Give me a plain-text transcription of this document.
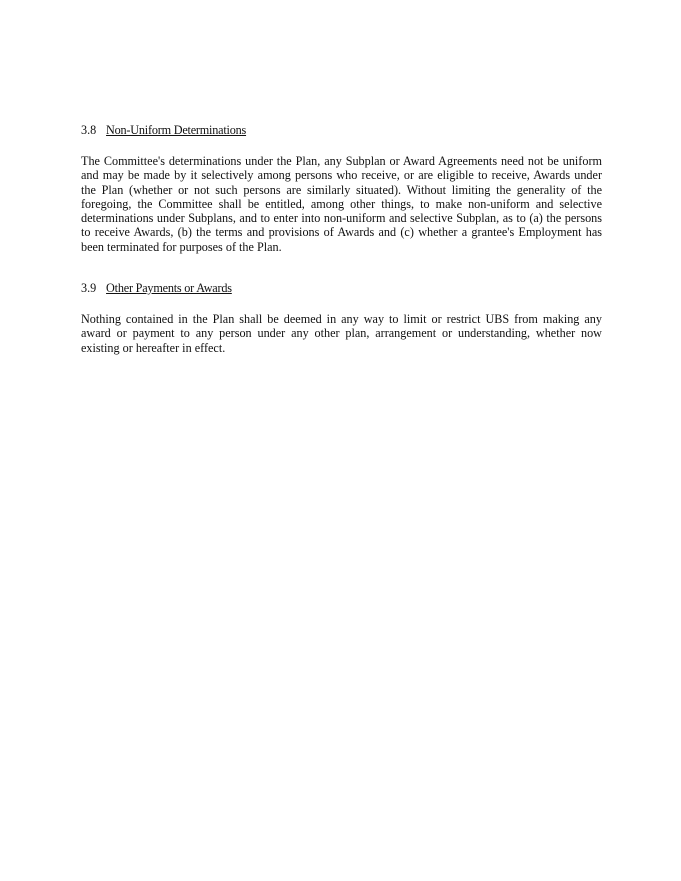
3.8 Non-Uniform Determinations
The Committee's determinations under the Plan, any Subplan or Award Agreements need not be uniform
and may be made by it selectively among persons who receive, or are eligible to receive, Awards under
the Plan (whether or not such persons are similarly situated). Without limiting the generality of the
foregoing, the Committee shall be entitled, among other things, to make non-uniform and selective
determinations under Subplans, and to enter into non-uniform and selective Subplan, as to (a) the persons
to receive Awards, (b) the terms and provisions of Awards and (c) whether a grantee's Employment has
been terminated for purposes of the Plan.
3.9 Other Payments or Awards
Nothing contained in the Plan shall be deemed in any way to limit or restrict UBS from making any
award or payment to any person under any other plan, arrangement or understanding, whether now
existing or hereafter in effect.
